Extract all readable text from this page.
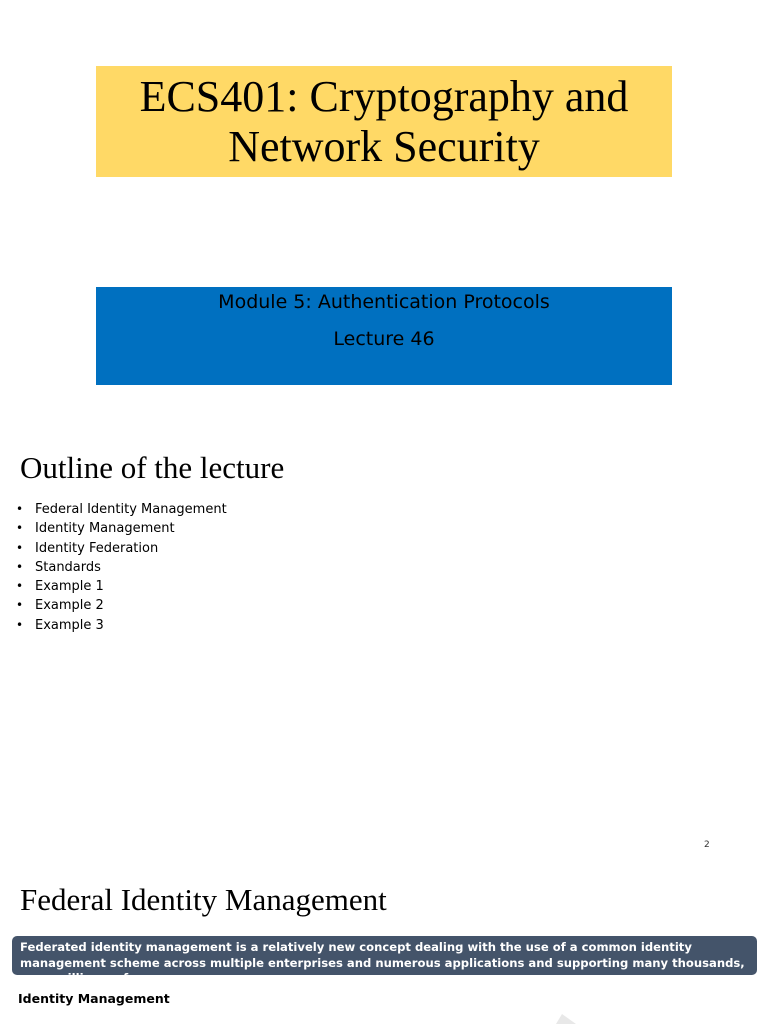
ECS401: Cryptography and
Network Security
Module 5: Authentication Protocols
Lecture 46
Outline of the lecture
• Federal Identity Management
• Identity Management
• Identity Federation
• Standards
• Example 1
• Example 2
• Example 3
2
Federal Identity Management
Federated identity management is a relatively new concept dealing with the use of a common identity management scheme across multiple enterprises and numerous applications and supporting many thousands, even millions, of users.
Identity Management
